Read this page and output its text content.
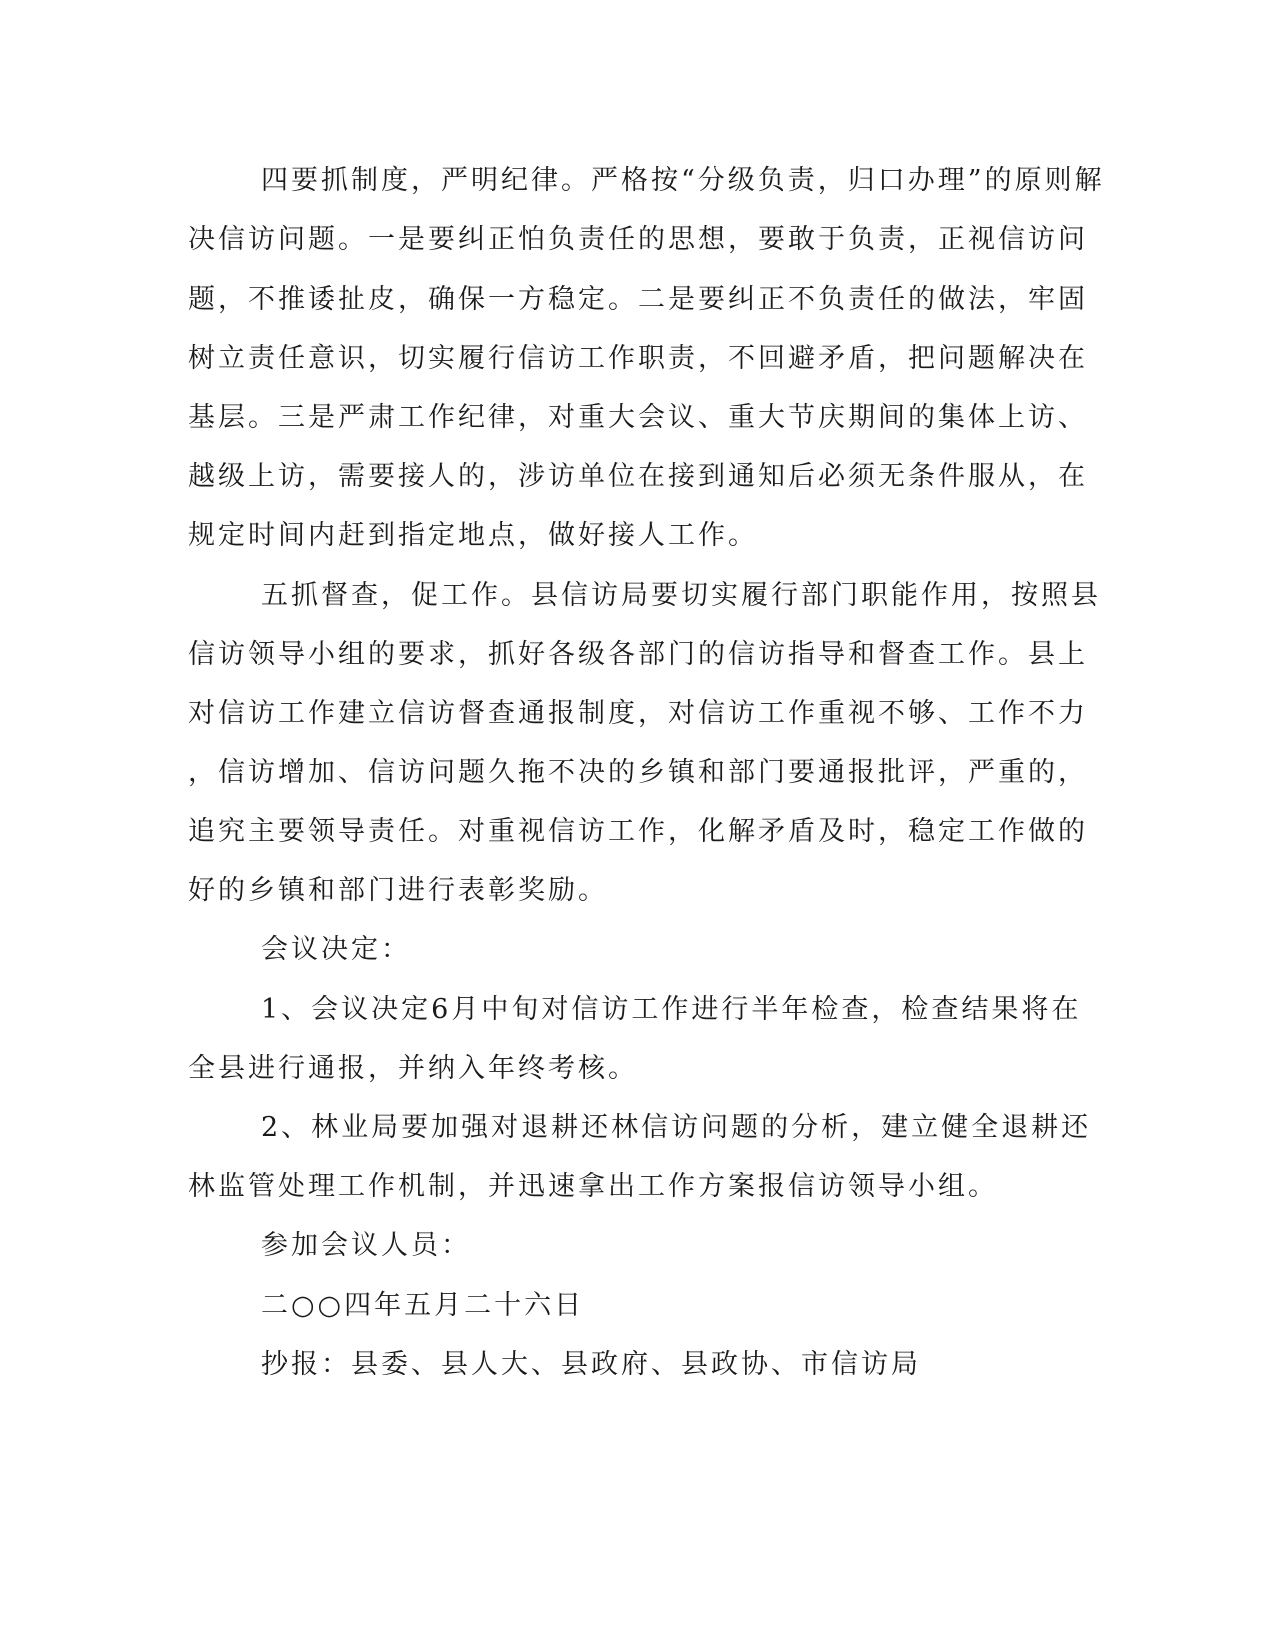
四要抓制度，严明纪律。严格按“分级负责，归口办理”的原则解
决信访问题。一是要纠正怕负责任的思想，要敢于负责，正视信访问
题，不推诿扯皮，确保一方稳定。二是要纠正不负责任的做法，牢固
树立责任意识，切实履行信访工作职责，不回避矛盾，把问题解决在
基层。三是严肃工作纪律，对重大会议、重大节庆期间的集体上访、
越级上访，需要接人的，涉访单位在接到通知后必须无条件服从，在
规定时间内赶到指定地点，做好接人工作。
五抓督查，促工作。县信访局要切实履行部门职能作用，按照县
信访领导小组的要求，抓好各级各部门的信访指导和督查工作。县上
对信访工作建立信访督查通报制度，对信访工作重视不够、工作不力
，信访增加、信访问题久拖不决的乡镇和部门要通报批评，严重的，
追究主要领导责任。对重视信访工作，化解矛盾及时，稳定工作做的
好的乡镇和部门进行表彰奖励。
会议决定：
1、会议决定6月中旬对信访工作进行半年检查，检查结果将在
全县进行通报，并纳入年终考核。
2、林业局要加强对退耕还林信访问题的分析，建立健全退耕还
林监管处理工作机制，并迅速拿出工作方案报信访领导小组。
参加会议人员：
二○○四年五月二十六日
抄报：县委、县人大、县政府、县政协、市信访局
